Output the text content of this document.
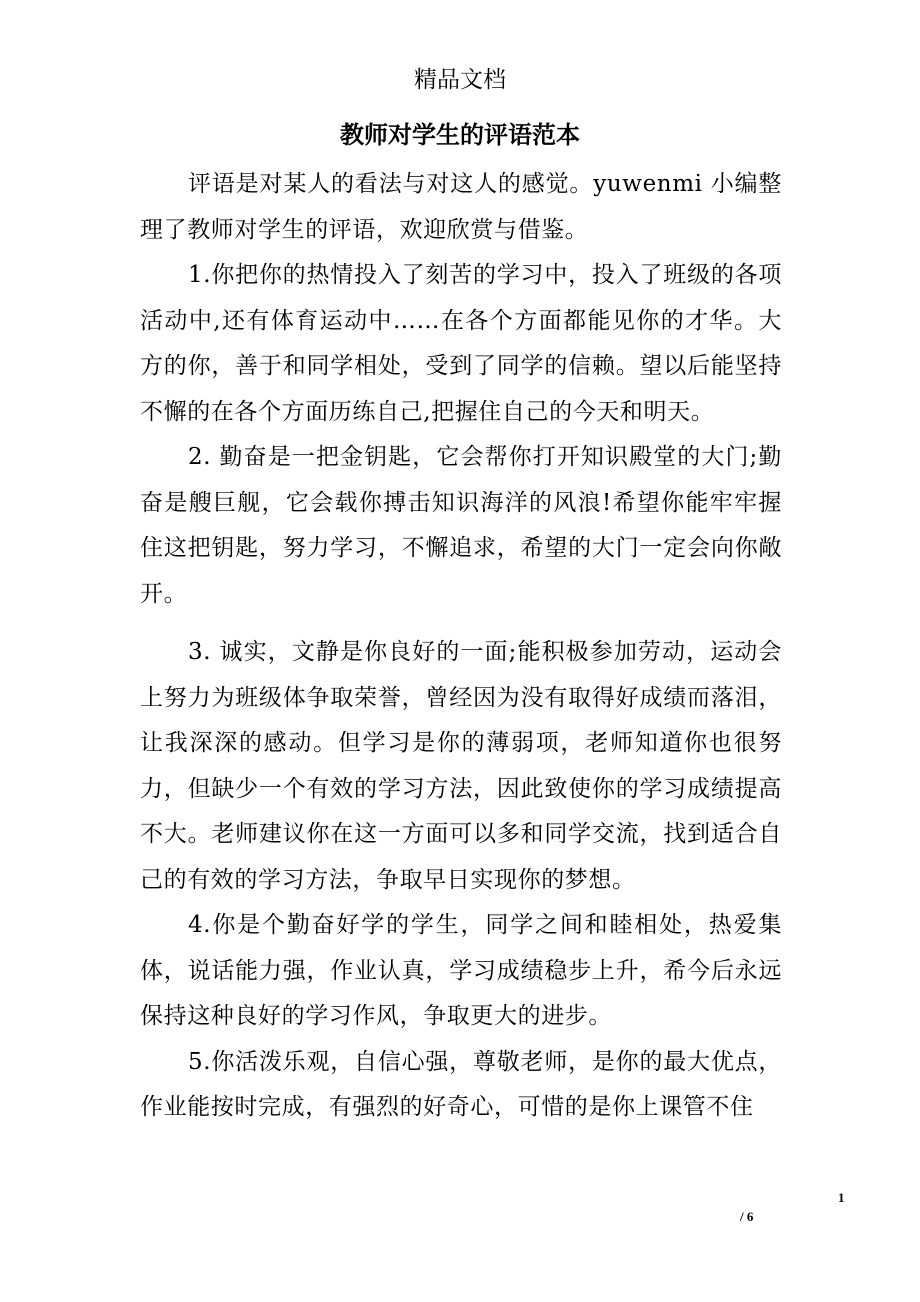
精品文档
教师对学生的评语范本

评语是对某人的看法与对这人的感觉。yuwenmi 小编整理了教师对学生的评语，欢迎欣赏与借鉴。

1.你把你的热情投入了刻苦的学习中，投入了班级的各项活动中,还有体育运动中……在各个方面都能见你的才华。大方的你，善于和同学相处，受到了同学的信赖。望以后能坚持不懈的在各个方面历练自己,把握住自己的今天和明天。

2. 勤奋是一把金钥匙，它会帮你打开知识殿堂的大门;勤奋是艘巨舰，它会载你搏击知识海洋的风浪!希望你能牢牢握住这把钥匙，努力学习，不懈追求，希望的大门一定会向你敞开。

3. 诚实，文静是你良好的一面;能积极参加劳动，运动会上努力为班级体争取荣誉，曾经因为没有取得好成绩而落泪，让我深深的感动。但学习是你的薄弱项，老师知道你也很努力，但缺少一个有效的学习方法，因此致使你的学习成绩提高不大。老师建议你在这一方面可以多和同学交流，找到适合自己的有效的学习方法，争取早日实现你的梦想。

4.你是个勤奋好学的学生，同学之间和睦相处，热爱集体，说话能力强，作业认真，学习成绩稳步上升，希今后永远保持这种良好的学习作风，争取更大的进步。

5.你活泼乐观，自信心强，尊敬老师，是你的最大优点，作业能按时完成，有强烈的好奇心，可惜的是你上课管不住

1
/ 6
